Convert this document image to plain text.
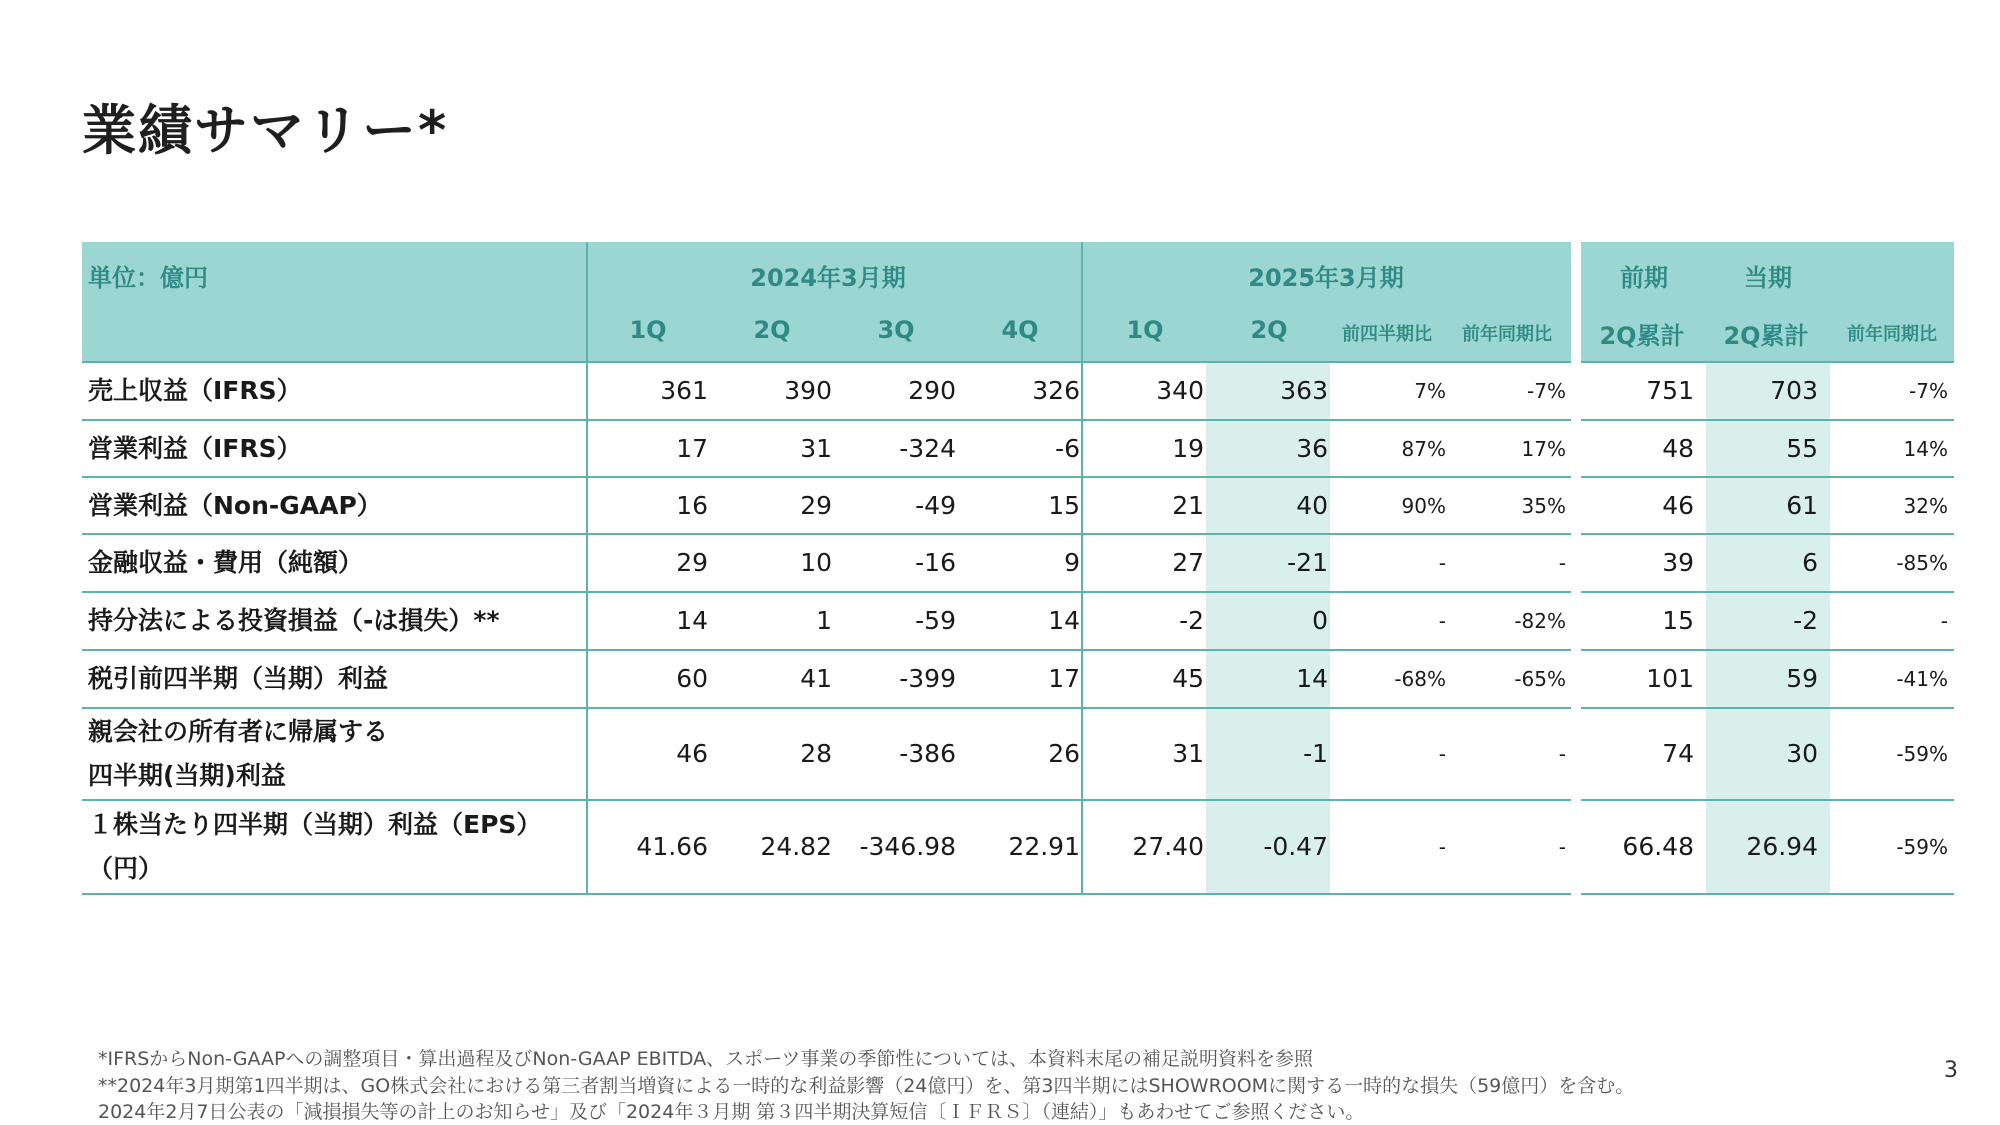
業績サマリー*
単位：億円	2024年3月期	2025年3月期	前期	当期
1Q	2Q	3Q	4Q	1Q	2Q	前四半期比	前年同期比	2Q累計	2Q累計	前年同期比
売上収益（IFRS）	361	390	290	326	340	363	7%	-7%	751	703	-7%
営業利益（IFRS）	17	31	-324	-6	19	36	87%	17%	48	55	14%
営業利益（Non-GAAP）	16	29	-49	15	21	40	90%	35%	46	61	32%
金融収益・費用（純額）	29	10	-16	9	27	-21	-	-	39	6	-85%
持分法による投資損益（-は損失）**	14	1	-59	14	-2	0	-	-82%	15	-2	-
税引前四半期（当期）利益	60	41	-399	17	45	14	-68%	-65%	101	59	-41%
親会社の所有者に帰属する
四半期(当期)利益
46	28	-386	26	31	-1	-	-	74	30	-59%
１株当たり四半期（当期）利益（EPS）
（円）
41.66 24.82 -346.98 22.91 27.40 -0.47	-	- 66.48 26.94	-59%
*IFRSからNon-GAAPへの調整項目・算出過程及びNon-GAAP EBITDA、スポーツ事業の季節性については、本資料末尾の補足説明資料を参照
**2024年3月期第1四半期は、GO株式会社における第三者割当増資による一時的な利益影響（24億円）を、第3四半期にはSHOWROOMに関する一時的な損失（59億円）を含む。
2024年2月7日公表の「減損損失等の計上のお知らせ」及び「2024年３月期 第３四半期決算短信〔ＩＦＲＳ〕（連結）」もあわせてご参照ください。
3
